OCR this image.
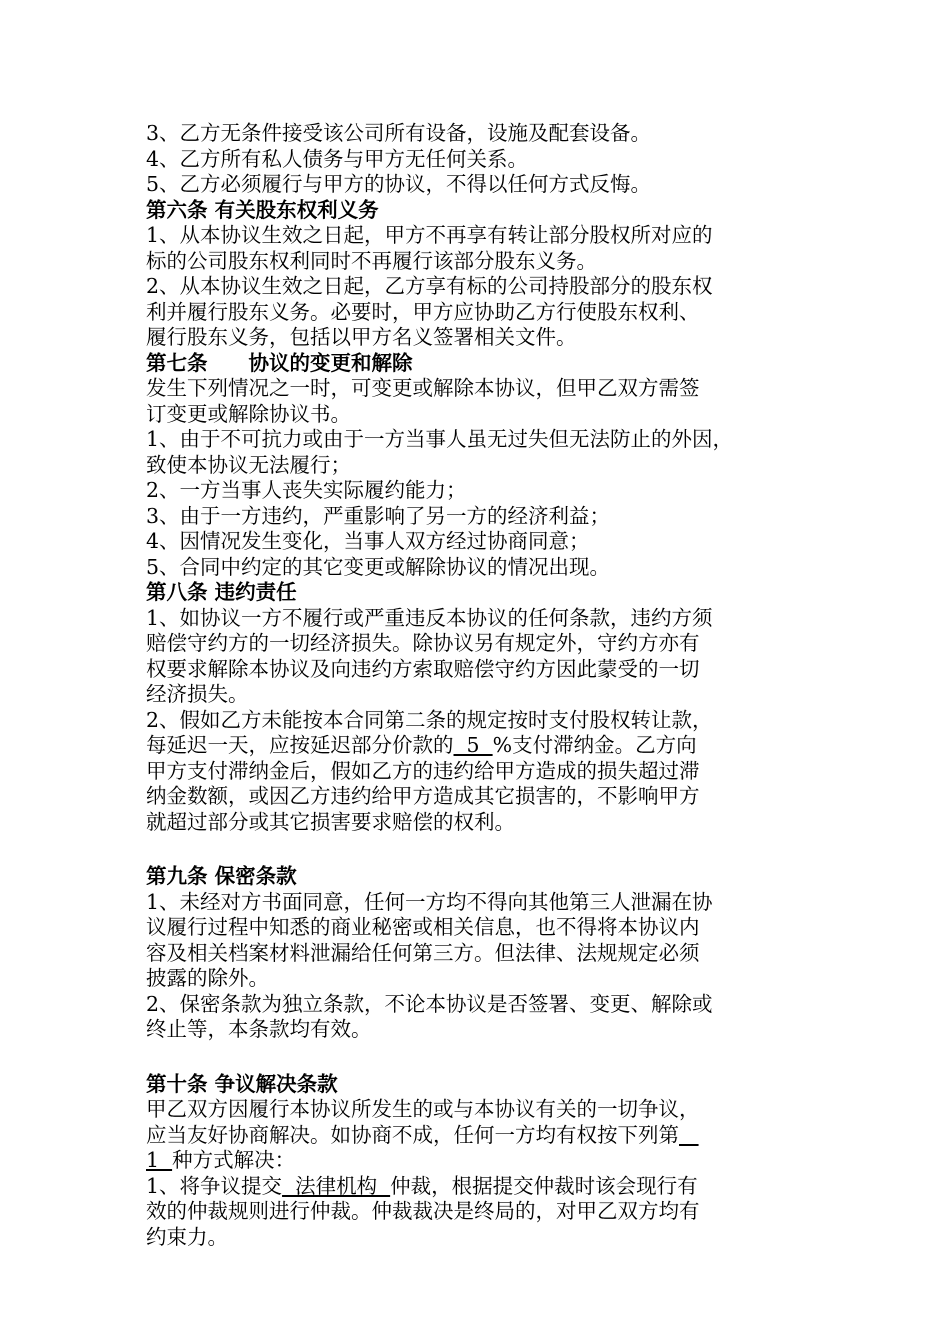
3、乙方无条件接受该公司所有设备，设施及配套设备。
4、乙方所有私人债务与甲方无任何关系。
5、乙方必须履行与甲方的协议，不得以任何方式反悔。
第六条 有关股东权利义务
1、从本协议生效之日起，甲方不再享有转让部分股权所对应的
标的公司股东权利同时不再履行该部分股东义务。
2、从本协议生效之日起，乙方享有标的公司持股部分的股东权
利并履行股东义务。必要时，甲方应协助乙方行使股东权利、
履行股东义务，包括以甲方名义签署相关文件。
第七条　　协议的变更和解除
发生下列情况之一时，可变更或解除本协议，但甲乙双方需签
订变更或解除协议书。
1、由于不可抗力或由于一方当事人虽无过失但无法防止的外因，
致使本协议无法履行；
2、一方当事人丧失实际履约能力；
3、由于一方违约，严重影响了另一方的经济利益；
4、因情况发生变化，当事人双方经过协商同意；
5、合同中约定的其它变更或解除协议的情况出现。
第八条 违约责任
1、如协议一方不履行或严重违反本协议的任何条款，违约方须
赔偿守约方的一切经济损失。除协议另有规定外，守约方亦有
权要求解除本协议及向违约方索取赔偿守约方因此蒙受的一切
经济损失。
2、假如乙方未能按本合同第二条的规定按时支付股权转让款，
每延迟一天，应按延迟部分价款的  5  %支付滞纳金。乙方向
甲方支付滞纳金后，假如乙方的违约给甲方造成的损失超过滞
纳金数额，或因乙方违约给甲方造成其它损害的，不影响甲方
就超过部分或其它损害要求赔偿的权利。
第九条 保密条款
1、未经对方书面同意，任何一方均不得向其他第三人泄漏在协
议履行过程中知悉的商业秘密或相关信息，也不得将本协议内
容及相关档案材料泄漏给任何第三方。但法律、法规规定必须
披露的除外。
2、保密条款为独立条款，不论本协议是否签署、变更、解除或
终止等，本条款均有效。
第十条 争议解决条款
甲乙双方因履行本协议所发生的或与本协议有关的一切争议，
应当友好协商解决。如协商不成，任何一方均有权按下列第
1  种方式解决：
1、将争议提交  法律机构  仲裁，根据提交仲裁时该会现行有
效的仲裁规则进行仲裁。仲裁裁决是终局的，对甲乙双方均有
约束力。
